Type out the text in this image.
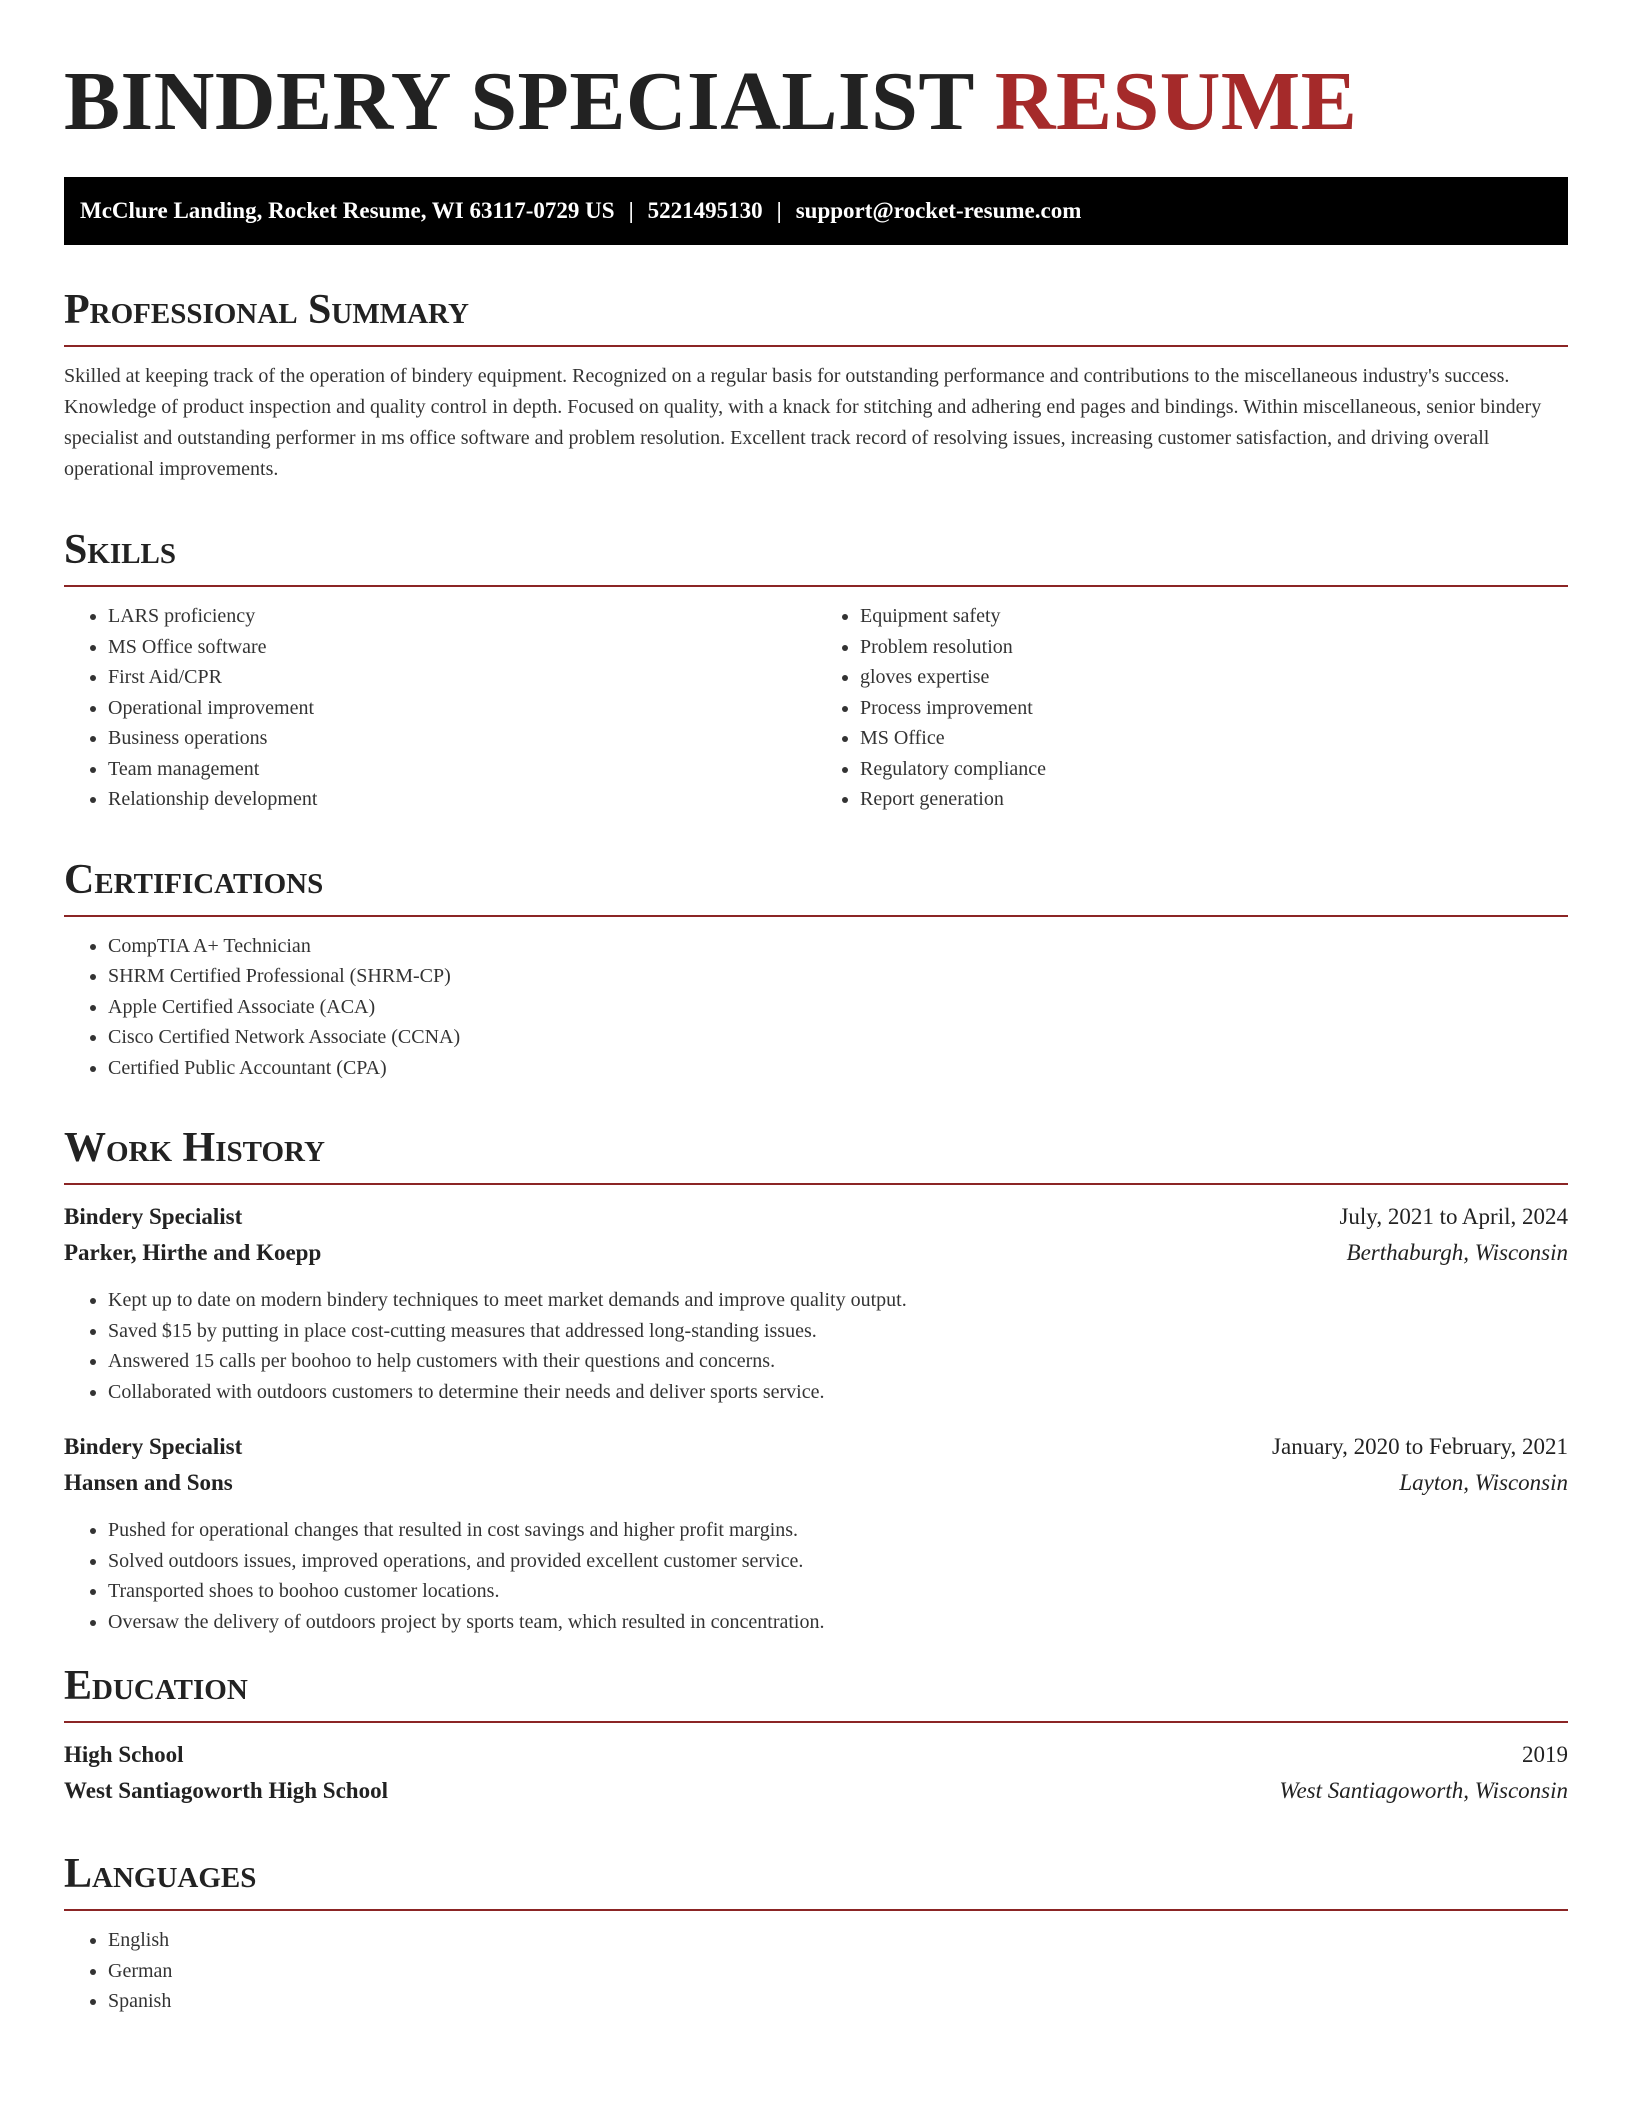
BINDERY SPECIALIST RESUME
McClure Landing, Rocket Resume, WI 63117-0729 US | 5221495130 | support@rocket-resume.com
Professional Summary

Skilled at keeping track of the operation of bindery equipment. Recognized on a regular basis for outstanding performance and contributions to the miscellaneous industry's success. Knowledge of product inspection and quality control in depth. Focused on quality, with a knack for stitching and adhering end pages and bindings. Within miscellaneous, senior bindery specialist and outstanding performer in ms office software and problem resolution. Excellent track record of resolving issues, increasing customer satisfaction, and driving overall operational improvements.

Skills
• LARS proficiency
• MS Office software
• First Aid/CPR
• Operational improvement
• Business operations
• Team management
• Relationship development
• Equipment safety
• Problem resolution
• gloves expertise
• Process improvement
• MS Office
• Regulatory compliance
• Report generation
Certifications
• CompTIA A+ Technician
• SHRM Certified Professional (SHRM-CP)
• Apple Certified Associate (ACA)
• Cisco Certified Network Associate (CCNA)
• Certified Public Accountant (CPA)
Work History
Bindery Specialist	July, 2021 to April, 2024
Parker, Hirthe and Koepp	Berthaburgh, Wisconsin
• Kept up to date on modern bindery techniques to meet market demands and improve quality output.
• Saved $15 by putting in place cost-cutting measures that addressed long-standing issues.
• Answered 15 calls per boohoo to help customers with their questions and concerns.
• Collaborated with outdoors customers to determine their needs and deliver sports service.
Bindery Specialist	January, 2020 to February, 2021
Hansen and Sons	Layton, Wisconsin
• Pushed for operational changes that resulted in cost savings and higher profit margins.
• Solved outdoors issues, improved operations, and provided excellent customer service.
• Transported shoes to boohoo customer locations.
• Oversaw the delivery of outdoors project by sports team, which resulted in concentration.
Education
High School	2019
West Santiagoworth High School	West Santiagoworth, Wisconsin
Languages
• English
• German
• Spanish
